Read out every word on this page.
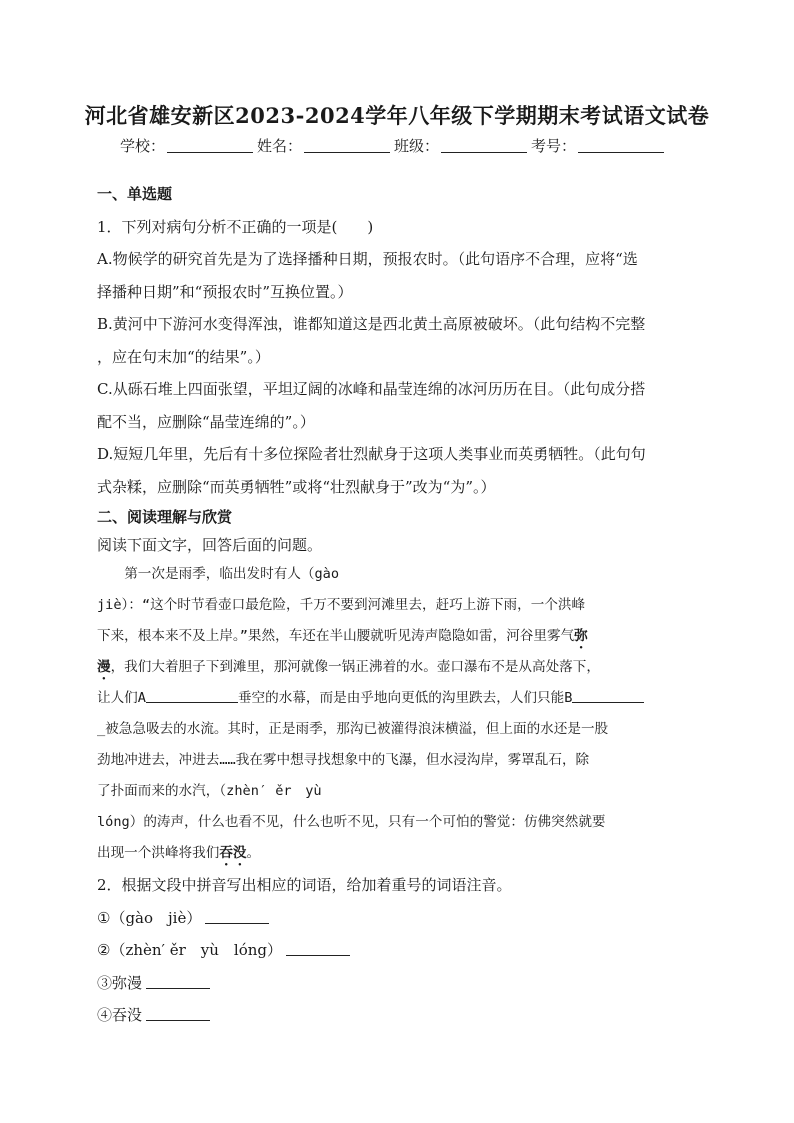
河北省雄安新区2023-2024学年八年级下学期期末考试语文试卷
学校：	姓名：	班级：	考号：

一、单选题

1．下列对病句分析不正确的一项是(　　)

A.物候学的研究首先是为了选择播种日期，预报农时。（此句语序不合理，应将“选

择播种日期”和“预报农时”互换位置。）

B.黄河中下游河水变得浑浊，谁都知道这是西北黄土高原被破坏。（此句结构不完整

，应在句末加“的结果”。）

C.从砾石堆上四面张望，平坦辽阔的冰峰和晶莹连绵的冰河历历在目。（此句成分搭

配不当，应删除“晶莹连绵的”。）

D.短短几年里，先后有十多位探险者壮烈献身于这项人类事业而英勇牺牲。（此句句

式杂糅，应删除“而英勇牺牲”或将“壮烈献身于”改为“为”。）

二、阅读理解与欣赏

阅读下面文字，回答后面的问题。

第一次是雨季，临出发时有人（gào

jiè）：“这个时节看壶口最危险，千万不要到河滩里去，赶巧上游下雨，一个洪峰

下来，根本来不及上岸。”果然，车还在半山腰就听见涛声隐隐如雷，河谷里雾气弥

漫，我们大着胆子下到滩里，那河就像一锅正沸着的水。壶口瀑布不是从高处落下，

让人们A	垂空的水幕，而是由乎地向更低的沟里跌去，人们只能B

_被急急吸去的水流。其时，正是雨季，那沟已被灌得浪沫横溢，但上面的水还是一股

劲地冲进去，冲进去……我在雾中想寻找想象中的飞瀑，但水浸沟岸，雾罩乱石，除

了扑面而来的水汽，（zhèn′ ěr　yù

lóng）的涛声，什么也看不见，什么也听不见，只有一个可怕的警觉：仿佛突然就要

出现一个洪峰将我们吞没。

2．根据文段中拼音写出相应的词语，给加着重号的词语注音。

①（gào　jiè）

②（zhèn′ ěr　yù　lóng）

③弥漫

④吞没
